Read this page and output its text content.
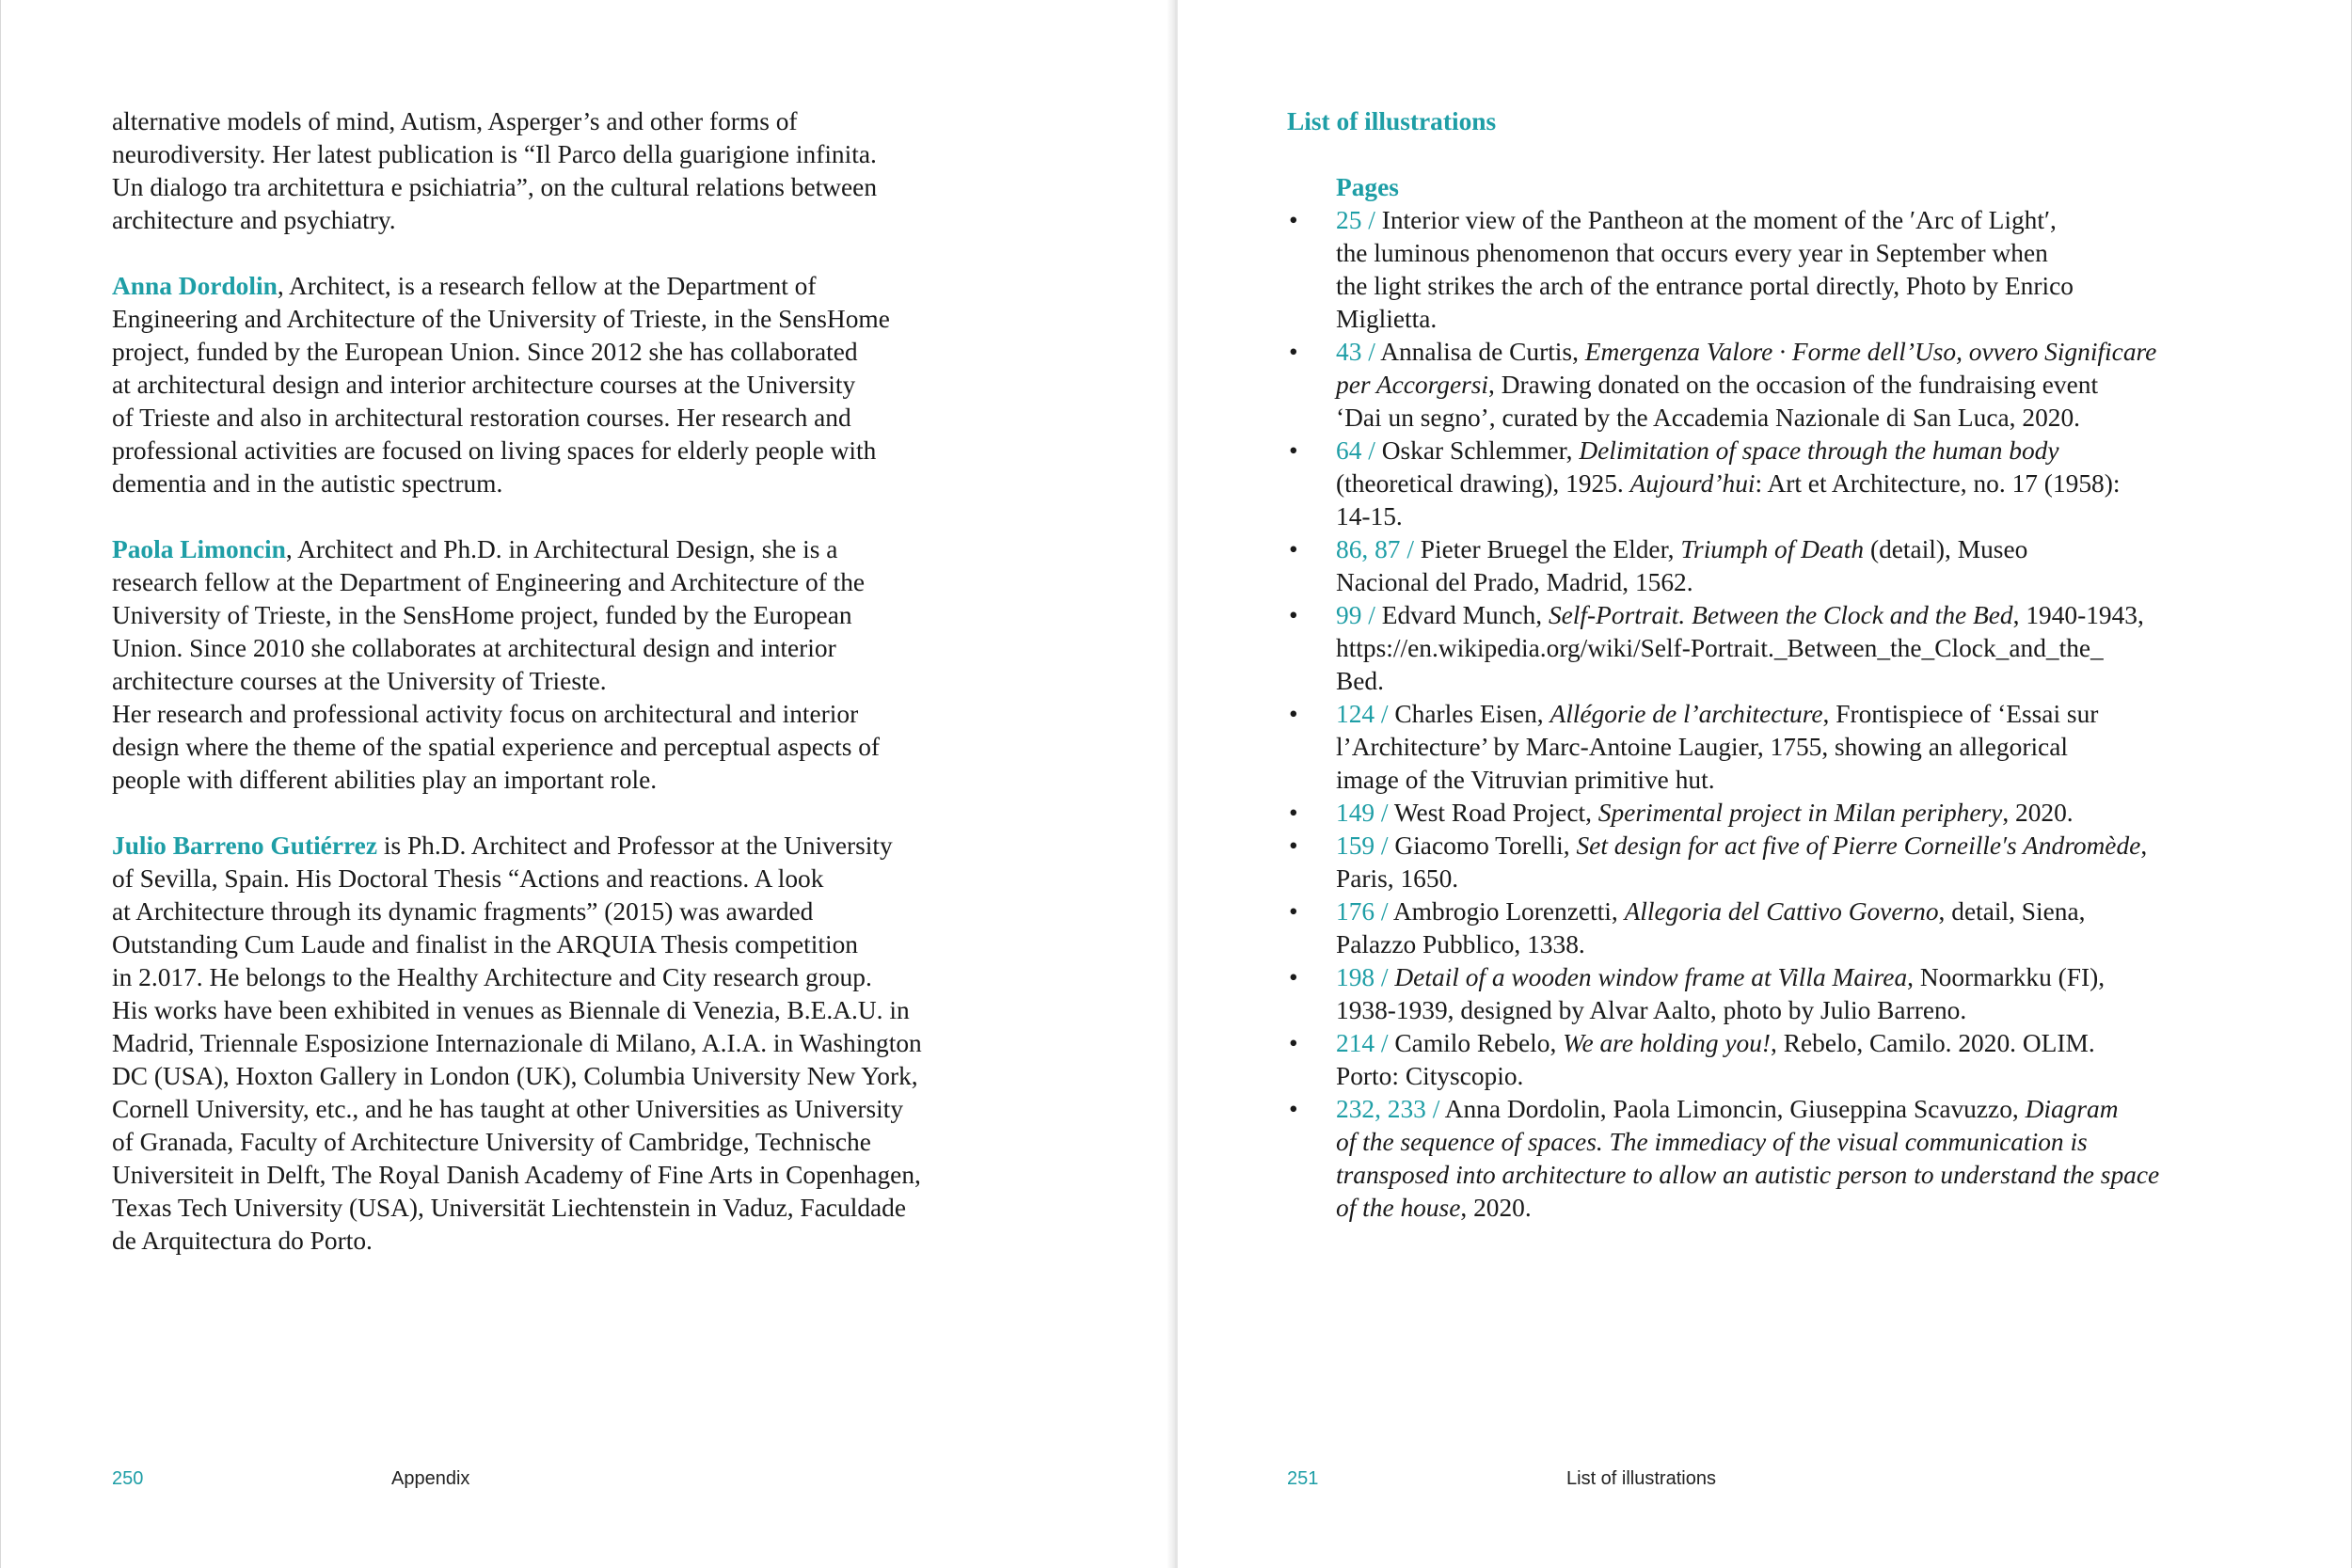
alternative models of mind, Autism, Asperger’s and other forms of
neurodiversity. Her latest publication is “Il Parco della guarigione infinita.
Un dialogo tra architettura e psichiatria”, on the cultural relations between
architecture and psychiatry.

Anna Dordolin, Architect, is a research fellow at the Department of
Engineering and Architecture of the University of Trieste, in the SensHome
project, funded by the European Union. Since 2012 she has collaborated
at architectural design and interior architecture courses at the University
of Trieste and also in architectural restoration courses. Her research and
professional activities are focused on living spaces for elderly people with
dementia and in the autistic spectrum.

Paola Limoncin, Architect and Ph.D. in Architectural Design, she is a
research fellow at the Department of Engineering and Architecture of the
University of Trieste, in the SensHome project, funded by the European
Union. Since 2010 she collaborates at architectural design and interior
architecture courses at the University of Trieste.
Her research and professional activity focus on architectural and interior
design where the theme of the spatial experience and perceptual aspects of
people with different abilities play an important role.

Julio Barreno Gutiérrez is Ph.D. Architect and Professor at the University
of Sevilla, Spain. His Doctoral Thesis “Actions and reactions. A look
at Architecture through its dynamic fragments” (2015) was awarded
Outstanding Cum Laude and finalist in the ARQUIA Thesis competition
in 2.017. He belongs to the Healthy Architecture and City research group.
His works have been exhibited in venues as Biennale di Venezia, B.E.A.U. in
Madrid, Triennale Esposizione Internazionale di Milano, A.I.A. in Washington
DC (USA), Hoxton Gallery in London (UK), Columbia University New York,
Cornell University, etc., and he has taught at other Universities as University
of Granada, Faculty of Architecture University of Cambridge, Technische
Universiteit in Delft, The Royal Danish Academy of Fine Arts in Copenhagen,
Texas Tech University (USA), Universität Liechtenstein in Vaduz, Faculdade
de Arquitectura do Porto.

250	Appendix
List of illustrations
Pages
•	25 / Interior view of the Pantheon at the moment of the ′Arc of Light′,
the luminous phenomenon that occurs every year in September when
the light strikes the arch of the entrance portal directly, Photo by Enrico
Miglietta.
•	43 / Annalisa de Curtis, Emergenza Valore · Forme dell’Uso, ovvero Significare
per Accorgersi, Drawing donated on the occasion of the fundraising event
‘Dai un segno’, curated by the Accademia Nazionale di San Luca, 2020.
•	64 / Oskar Schlemmer, Delimitation of space through the human body
(theoretical drawing), 1925. Aujourd’hui: Art et Architecture, no. 17 (1958):
14-15.
•	86, 87 / Pieter Bruegel the Elder, Triumph of Death (detail), Museo
Nacional del Prado, Madrid, 1562.
•	99 / Edvard Munch, Self-Portrait. Between the Clock and the Bed, 1940-1943,
https://en.wikipedia.org/wiki/Self-Portrait._Between_the_Clock_and_the_
Bed.
•	124 / Charles Eisen, Allégorie de l’architecture, Frontispiece of ‘Essai sur
l’Architecture’ by Marc-Antoine Laugier, 1755, showing an allegorical
image of the Vitruvian primitive hut.
•	149 / West Road Project, Sperimental project in Milan periphery, 2020.
•	159 / Giacomo Torelli, Set design for act five of Pierre Corneille′s Andromède,
Paris, 1650.
•	176 / Ambrogio Lorenzetti, Allegoria del Cattivo Governo, detail, Siena,
Palazzo Pubblico, 1338.
•	198 / Detail of a wooden window frame at Villa Mairea, Noormarkku (FI),
1938-1939, designed by Alvar Aalto, photo by Julio Barreno.
•	214 / Camilo Rebelo, We are holding you!, Rebelo, Camilo. 2020. OLIM.
Porto: Cityscopio.
•	232, 233 / Anna Dordolin, Paola Limoncin, Giuseppina Scavuzzo, Diagram
of the sequence of spaces. The immediacy of the visual communication is
transposed into architecture to allow an autistic person to understand the space
of the house, 2020.
251	List of illustrations
